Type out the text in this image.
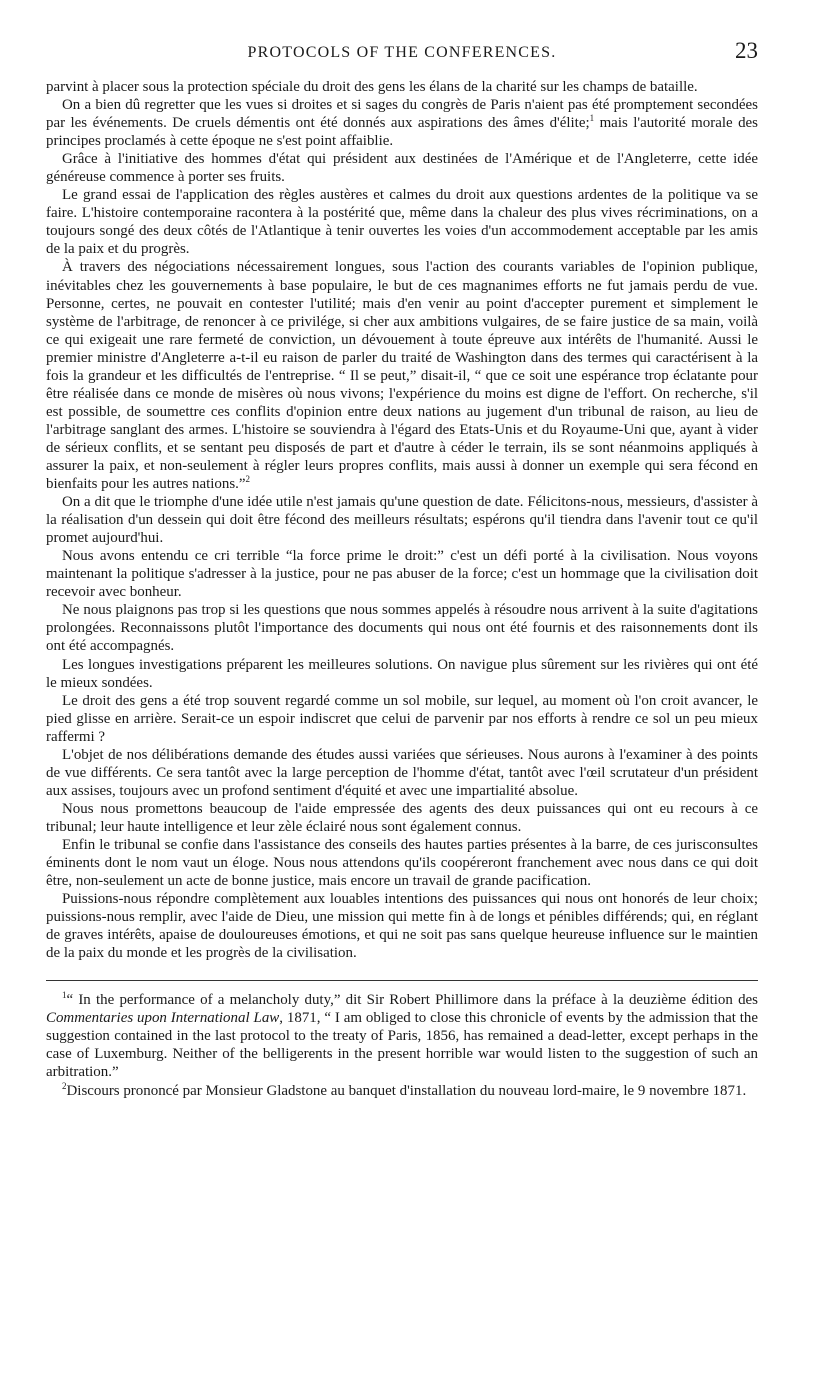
PROTOCOLS OF THE CONFERENCES.	23

parvint à placer sous la protection spéciale du droit des gens les élans de la charité sur les champs de bataille.

On a bien dû regretter que les vues si droites et si sages du congrès de Paris n'aient pas été promptement secondées par les événements. De cruels démentis ont été donnés aux aspirations des âmes d'élite;$^1$ mais l'autorité morale des principes proclamés à cette époque ne s'est point affaiblie.

Grâce à l'initiative des hommes d'état qui président aux destinées de l'Amérique et de l'Angleterre, cette idée généreuse commence à porter ses fruits.

Le grand essai de l'application des règles austères et calmes du droit aux questions ardentes de la politique va se faire. L'histoire contemporaine racontera à la postérité que, même dans la chaleur des plus vives récriminations, on a toujours songé des deux côtés de l'Atlantique à tenir ouvertes les voies d'un accommodement acceptable par les amis de la paix et du progrès.

À travers des négociations nécessairement longues, sous l'action des courants variables de l'opinion publique, inévitables chez les gouvernements à base populaire, le but de ces magnanimes efforts ne fut jamais perdu de vue. Personne, certes, ne pouvait en contester l'utilité; mais d'en venir au point d'accepter purement et simplement le système de l'arbitrage, de renoncer à ce privilége, si cher aux ambitions vulgaires, de se faire justice de sa main, voilà ce qui exigeait une rare fermeté de conviction, un dévouement à toute épreuve aux intérêts de l'humanité. Aussi le premier ministre d'Angleterre a-t-il eu raison de parler du traité de Washington dans des termes qui caractérisent à la fois la grandeur et les difficultés de l'entreprise. “ Il se peut,” disait-il, “ que ce soit une espérance trop éclatante pour être réalisée dans ce monde de misères où nous vivons; l'expérience du moins est digne de l'effort. On recherche, s'il est possible, de soumettre ces conflits d'opinion entre deux nations au jugement d'un tribunal de raison, au lieu de l'arbitrage sanglant des armes. L'histoire se souviendra à l'égard des Etats-Unis et du Royaume-Uni que, ayant à vider de sérieux conflits, et se sentant peu disposés de part et d'autre à céder le terrain, ils se sont néanmoins appliqués à assurer la paix, et non-seulement à régler leurs propres conflits, mais aussi à donner un exemple qui sera fécond en bienfaits pour les autres nations.”$^2$

On a dit que le triomphe d'une idée utile n'est jamais qu'une question de date. Félicitons-nous, messieurs, d'assister à la réalisation d'un dessein qui doit être fécond des meilleurs résultats; espérons qu'il tiendra dans l'avenir tout ce qu'il promet aujourd'hui.

Nous avons entendu ce cri terrible “la force prime le droit:” c'est un défi porté à la civilisation. Nous voyons maintenant la politique s'adresser à la justice, pour ne pas abuser de la force; c'est un hommage que la civilisation doit recevoir avec bonheur.

Ne nous plaignons pas trop si les questions que nous sommes appelés à résoudre nous arrivent à la suite d'agitations prolongées. Reconnaissons plutôt l'importance des documents qui nous ont été fournis et des raisonnements dont ils ont été accompagnés.

Les longues investigations préparent les meilleures solutions. On navigue plus sûrement sur les rivières qui ont été le mieux sondées.

Le droit des gens a été trop souvent regardé comme un sol mobile, sur lequel, au moment où l'on croit avancer, le pied glisse en arrière. Serait-ce un espoir indiscret que celui de parvenir par nos efforts à rendre ce sol un peu mieux raffermi ?

L'objet de nos délibérations demande des études aussi variées que sérieuses. Nous aurons à l'examiner à des points de vue différents. Ce sera tantôt avec la large perception de l'homme d'état, tantôt avec l'œil scrutateur d'un président aux assises, toujours avec un profond sentiment d'équité et avec une impartialité absolue.

Nous nous promettons beaucoup de l'aide empressée des agents des deux puissances qui ont eu recours à ce tribunal; leur haute intelligence et leur zèle éclairé nous sont également connus.

Enfin le tribunal se confie dans l'assistance des conseils des hautes parties présentes à la barre, de ces jurisconsultes éminents dont le nom vaut un éloge. Nous nous attendons qu'ils coopéreront franchement avec nous dans ce qui doit être, non-seulement un acte de bonne justice, mais encore un travail de grande pacification.

Puissions-nous répondre complètement aux louables intentions des puissances qui nous ont honorés de leur choix; puissions-nous remplir, avec l'aide de Dieu, une mission qui mette fin à de longs et pénibles différends; qui, en réglant de graves intérêts, apaise de douloureuses émotions, et qui ne soit pas sans quelque heureuse influence sur le maintien de la paix du monde et les progrès de la civilisation.

$^1$“ In the performance of a melancholy duty,” dit Sir Robert Phillimore dans la préface à la deuzième édition des Commentaries upon International Law, 1871, “ I am obliged to close this chronicle of events by the admission that the suggestion contained in the last protocol to the treaty of Paris, 1856, has remained a dead-letter, except perhaps in the case of Luxemburg. Neither of the belligerents in the present horrible war would listen to the suggestion of such an arbitration.”

$^2$Discours prononcé par Monsieur Gladstone au banquet d'installation du nouveau lord-maire, le 9 novembre 1871.
